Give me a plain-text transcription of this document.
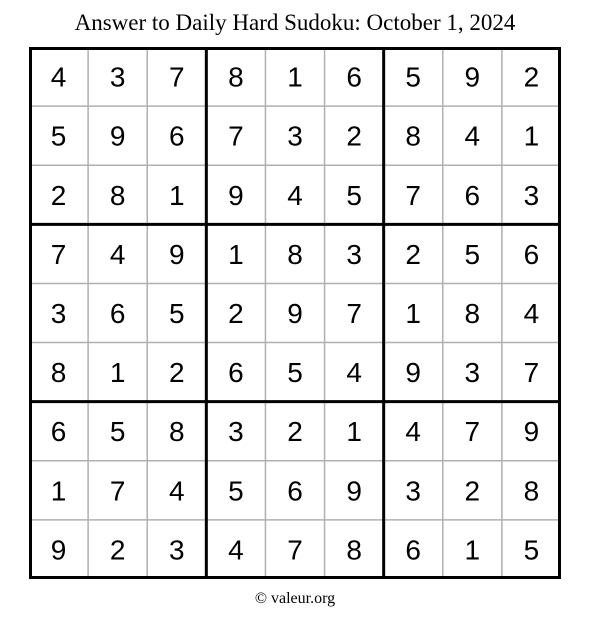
Answer to Daily Hard Sudoku: October 1, 2024
4 3 7 8 1 6 5 9 2
5 9 6 7 3 2 8 4 1
2 8 1 9 4 5 7 6 3
7 4 9 1 8 3 2 5 6
3 6 5 2 9 7 1 8 4
8 1 2 6 5 4 9 3 7
6 5 8 3 2 1 4 7 9
1 7 4 5 6 9 3 2 8
9 2 3 4 7 8 6 1 5
© valeur.org
